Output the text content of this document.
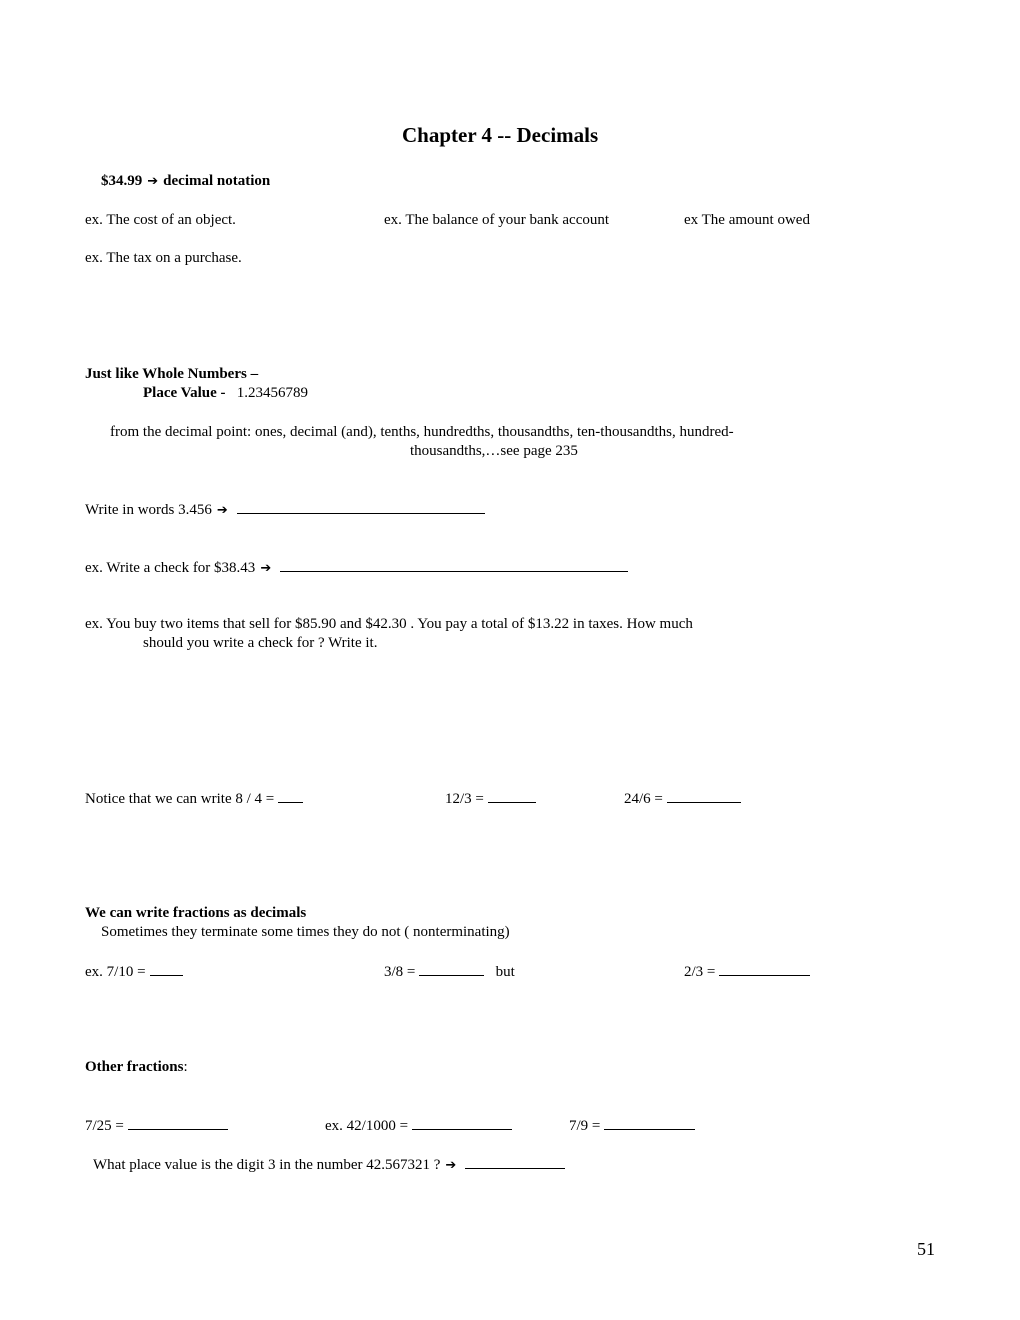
Chapter 4 -- Decimals
$34.99 ➔ decimal notation
ex. The cost of an object.	ex. The balance of your bank account	ex The amount owed
ex. The tax on a purchase.
Just like Whole Numbers –
Place Value - 1.23456789
from the decimal point: ones, decimal (and), tenths, hundredths, thousandths, ten-thousandths, hundred-
thousandths,…see page 235
Write in words 3.456 ➔
ex. Write a check for $38.43 ➔
ex. You buy two items that sell for $85.90 and $42.30 . You pay a total of $13.22 in taxes. How much
should you write a check for ? Write it.
Notice that we can write 8 / 4 =	12/3 =	24/6 =
We can write fractions as decimals
Sometimes they terminate some times they do not ( nonterminating)
ex. 7/10 =	3/8 =	but	2/3 =
Other fractions:
7/25 =	ex. 42/1000 =	7/9 =
What place value is the digit 3 in the number 42.567321 ? ➔
51
